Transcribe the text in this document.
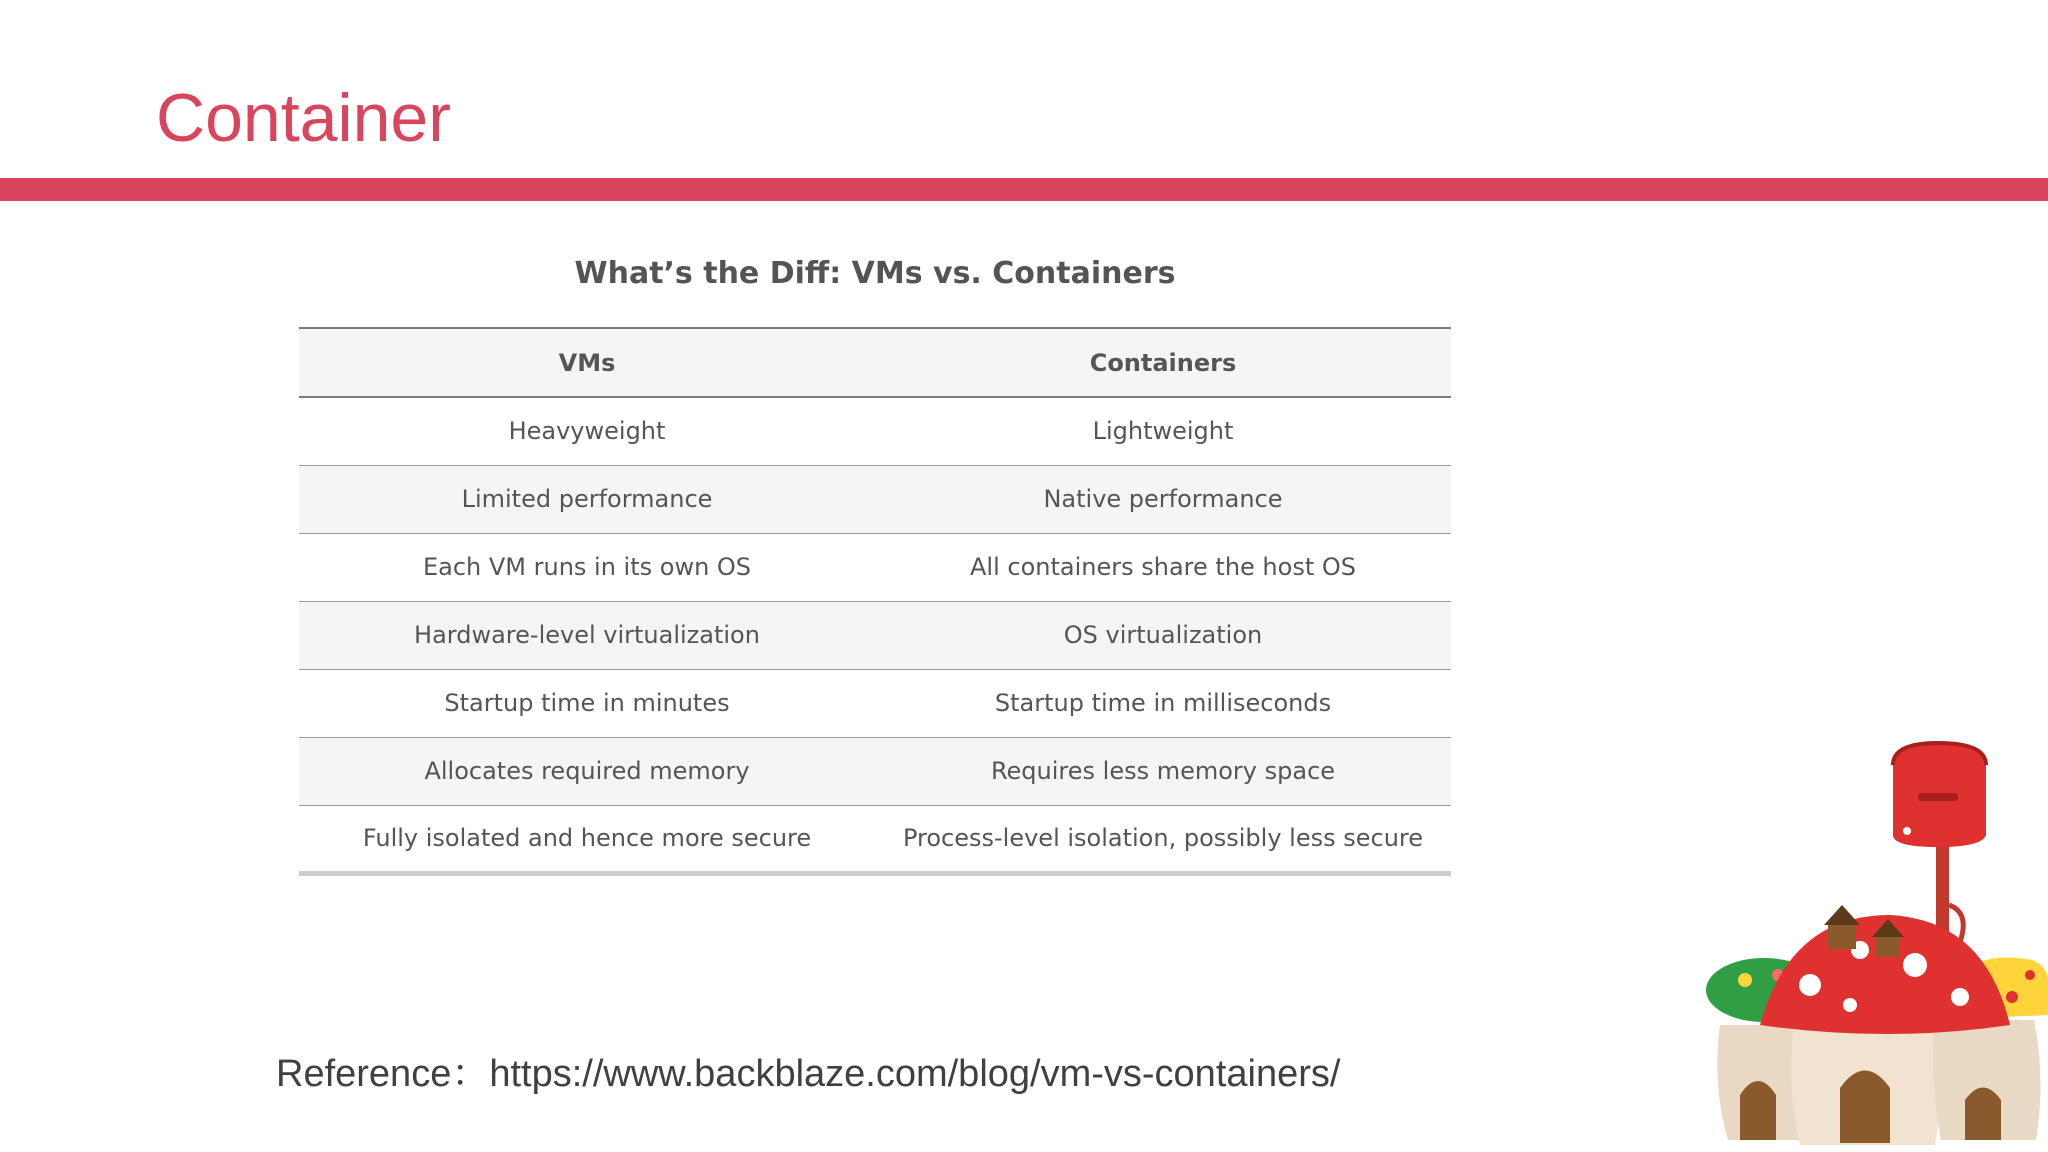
Container
What’s the Diff: VMs vs. Containers
VMs	Containers
Heavyweight	Lightweight
Limited performance	Native performance
Each VM runs in its own OS	All containers share the host OS
Hardware-level virtualization	OS virtualization
Startup time in minutes	Startup time in milliseconds
Allocates required memory	Requires less memory space
Fully isolated and hence more secure	Process-level isolation, possibly less secure
Reference：https://www.backblaze.com/blog/vm-vs-containers/
